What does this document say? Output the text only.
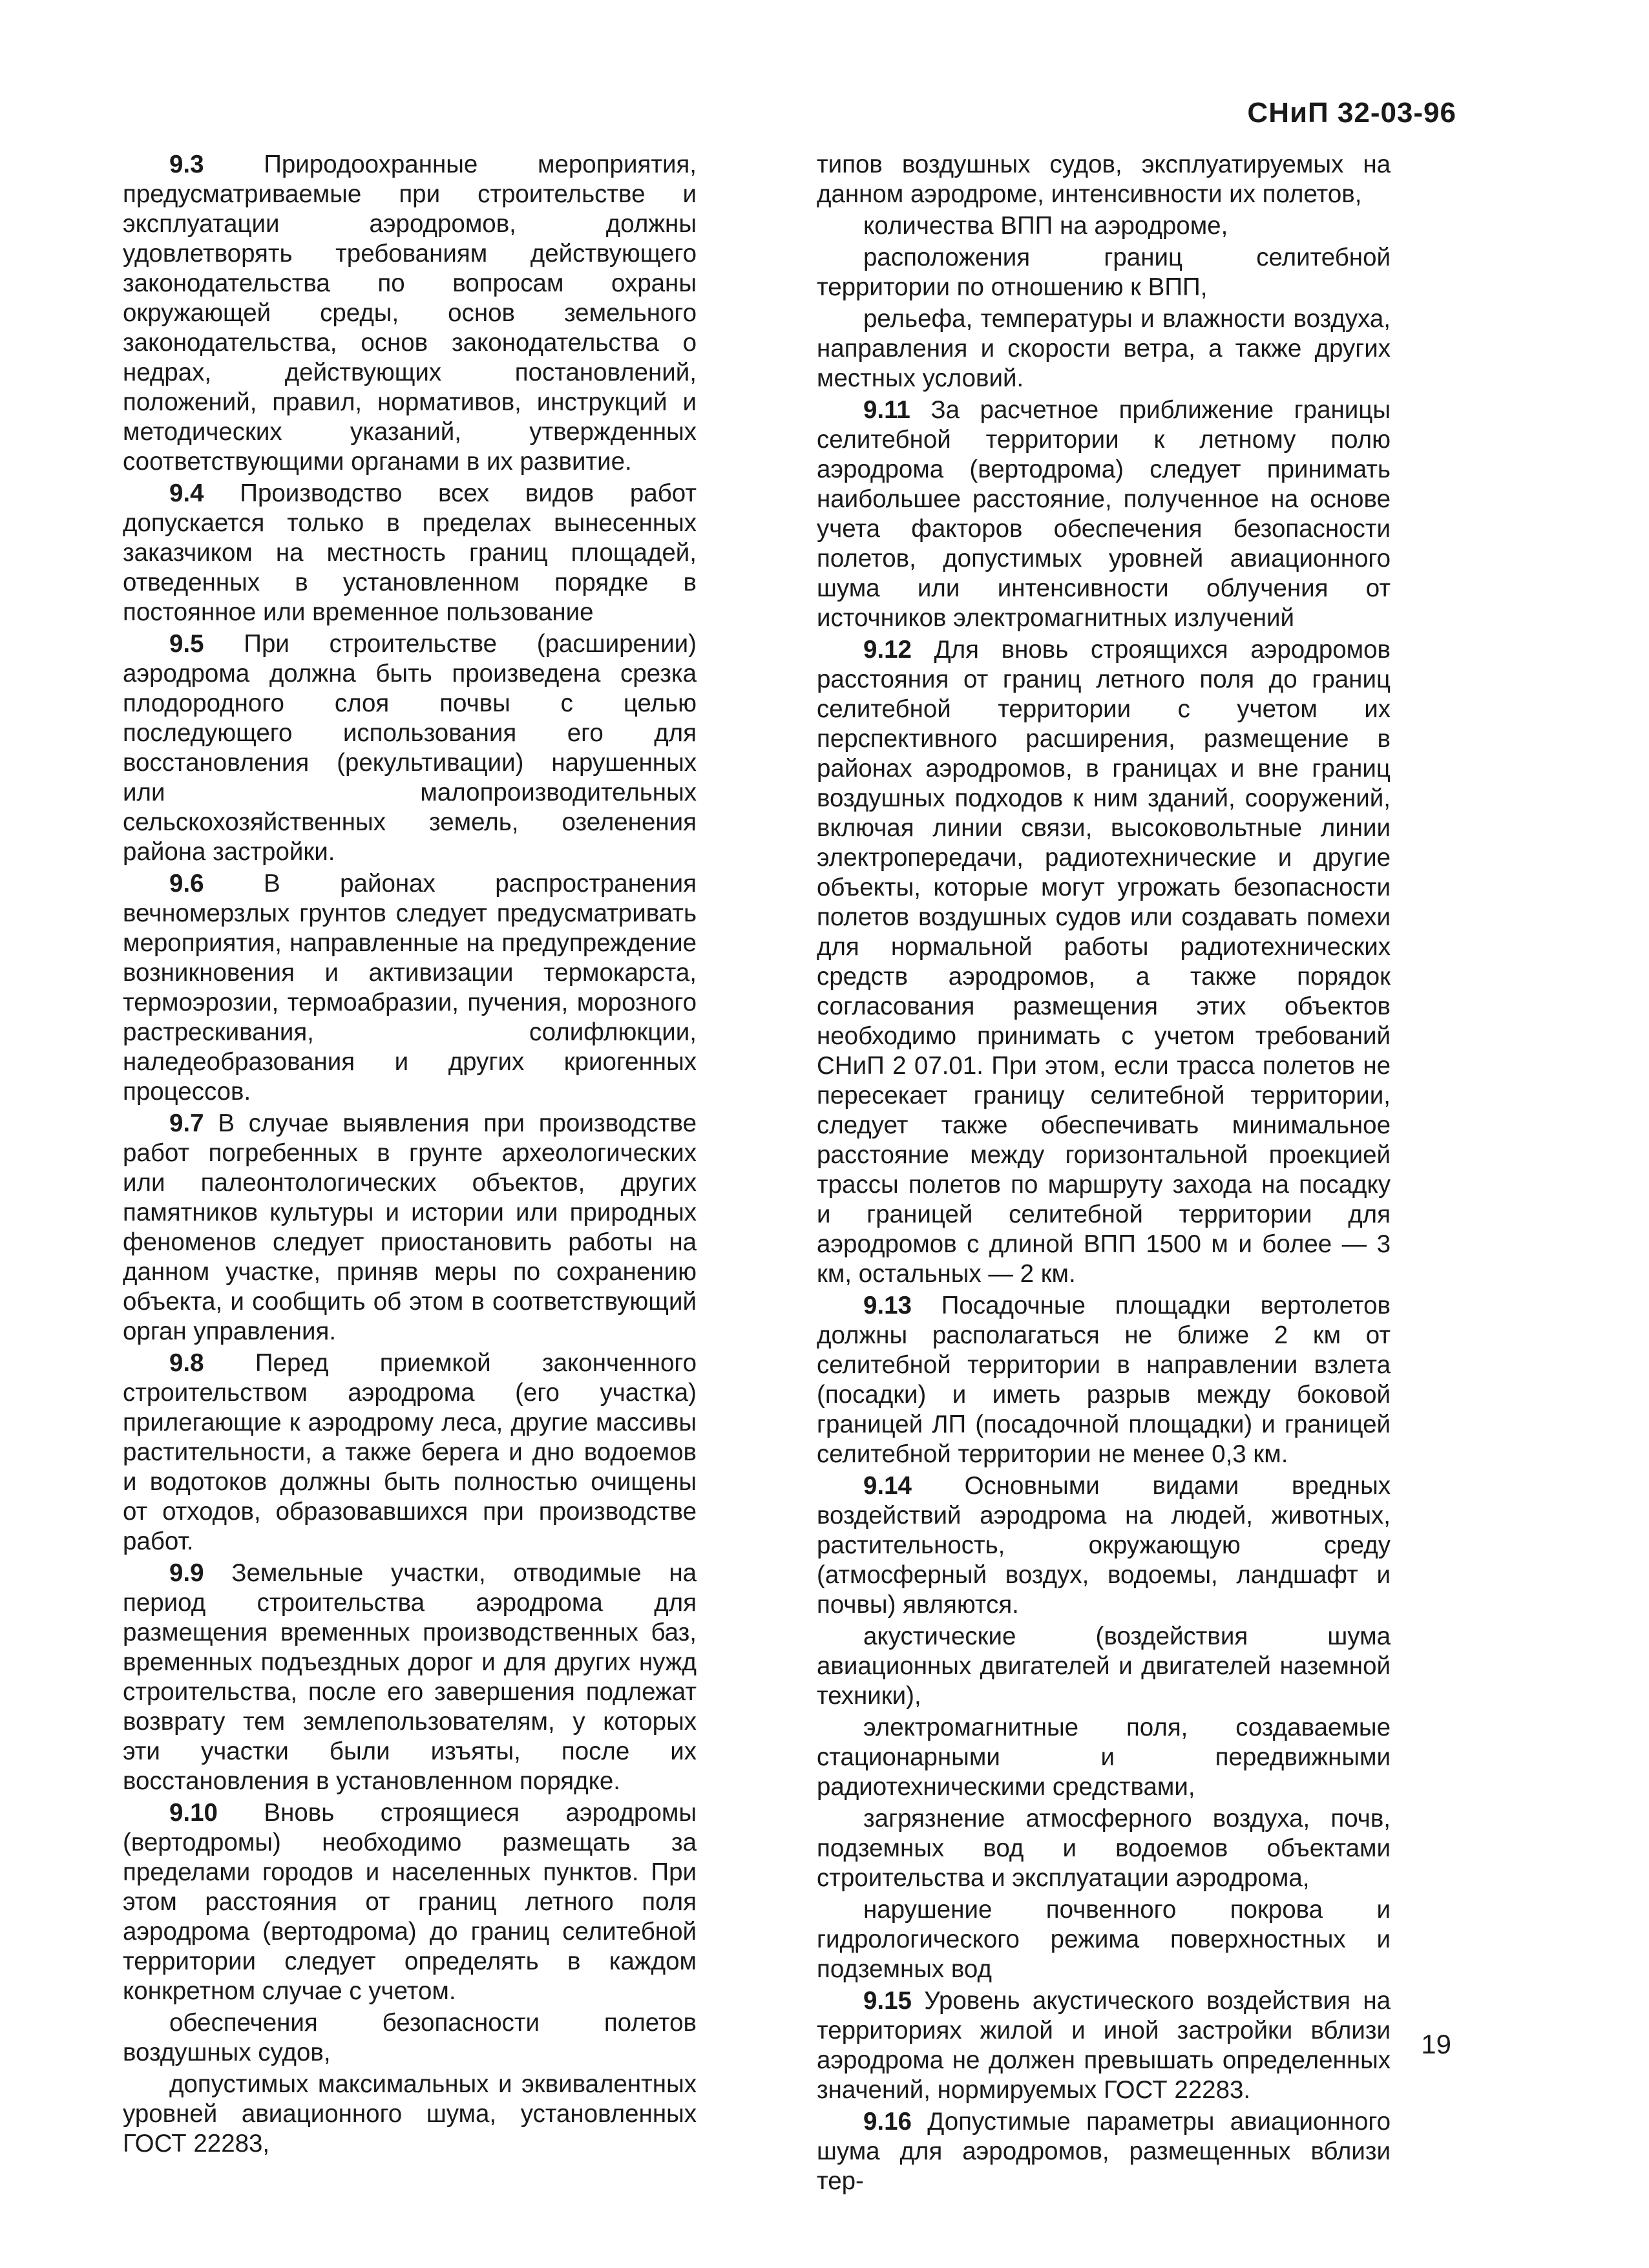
СНиП 32-03-96

9.3 Природоохранные мероприятия, предусматриваемые при строительстве и эксплуатации аэродромов, должны удовлетворять требованиям действующего законодательства по вопросам охраны окружающей среды, основ земельного законодательства, основ законодательства о недрах, действующих постановлений, положений, правил, нормативов, инструкций и методических указаний, утвержденных соответствующими органами в их развитие.

9.4 Производство всех видов работ допускается только в пределах вынесенных заказчиком на местность границ площадей, отведенных в установленном порядке в постоянное или временное пользование

9.5 При строительстве (расширении) аэродрома должна быть произведена срезка плодородного слоя почвы с целью последующего использования его для восстановления (рекультивации) нарушенных или малопроизводительных сельскохозяйственных земель, озеленения района застройки.

9.6 В районах распространения вечномерзлых грунтов следует предусматривать мероприятия, направленные на предупреждение возникновения и активизации термокарста, термоэрозии, термоабразии, пучения, морозного растрескивания, солифлюкции, наледеобразования и других криогенных процессов.

9.7 В случае выявления при производстве работ погребенных в грунте археологических или палеонтологических объектов, других памятников культуры и истории или природных феноменов следует приостановить работы на данном участке, приняв меры по сохранению объекта, и сообщить об этом в соответствующий орган управления.

9.8 Перед приемкой законченного строительством аэродрома (его участка) прилегающие к аэродрому леса, другие массивы растительности, а также берега и дно водоемов и водотоков должны быть полностью очищены от отходов, образовавшихся при производстве работ.

9.9 Земельные участки, отводимые на период строительства аэродрома для размещения временных производственных баз, временных подъездных дорог и для других нужд строительства, после его завершения подлежат возврату тем землепользователям, у которых эти участки были изъяты, после их восстановления в установленном порядке.

9.10 Вновь строящиеся аэродромы (вертодромы) необходимо размещать за пределами городов и населенных пунктов. При этом расстояния от границ летного поля аэродрома (вертодрома) до границ селитебной территории следует определять в каждом конкретном случае с учетом.

обеспечения безопасности полетов воздушных судов,

допустимых максимальных и эквивалентных уровней авиационного шума, установленных ГОСТ 22283,

типов воздушных судов, эксплуатируемых на данном аэродроме, интенсивности их полетов,

количества ВПП на аэродроме,

расположения границ селитебной территории по отношению к ВПП,

рельефа, температуры и влажности воздуха, направления и скорости ветра, а также других местных условий.

9.11 За расчетное приближение границы селитебной территории к летному полю аэродрома (вертодрома) следует принимать наибольшее расстояние, полученное на основе учета факторов обеспечения безопасности полетов, допустимых уровней авиационного шума или интенсивности облучения от источников электромагнитных излучений

9.12 Для вновь строящихся аэродромов расстояния от границ летного поля до границ селитебной территории с учетом их перспективного расширения, размещение в районах аэродромов, в границах и вне границ воздушных подходов к ним зданий, сооружений, включая линии связи, высоковольтные линии электропередачи, радиотехнические и другие объекты, которые могут угрожать безопасности полетов воздушных судов или создавать помехи для нормальной работы радиотехнических средств аэродромов, а также порядок согласования размещения этих объектов необходимо принимать с учетом требований СНиП 2 07.01. При этом, если трасса полетов не пересекает границу селитебной территории, следует также обеспечивать минимальное расстояние между горизонтальной проекцией трассы полетов по маршруту захода на посадку и границей селитебной территории для аэродромов с длиной ВПП 1500 м и более — 3 км, остальных — 2 км.

9.13 Посадочные площадки вертолетов должны располагаться не ближе 2 км от селитебной территории в направлении взлета (посадки) и иметь разрыв между боковой границей ЛП (посадочной площадки) и границей селитебной территории не менее 0,3 км.

9.14 Основными видами вредных воздействий аэродрома на людей, животных, растительность, окружающую среду (атмосферный воздух, водоемы, ландшафт и почвы) являются.

акустические (воздействия шума авиационных двигателей и двигателей наземной техники),

электромагнитные поля, создаваемые стационарными и передвижными радиотехническими средствами,

загрязнение атмосферного воздуха, почв, подземных вод и водоемов объектами строительства и эксплуатации аэродрома,

нарушение почвенного покрова и гидрологического режима поверхностных и подземных вод

9.15 Уровень акустического воздействия на территориях жилой и иной застройки вблизи аэродрома не должен превышать определенных значений, нормируемых ГОСТ 22283.

9.16 Допустимые параметры авиационного шума для аэродромов, размещенных вблизи тер-

19
